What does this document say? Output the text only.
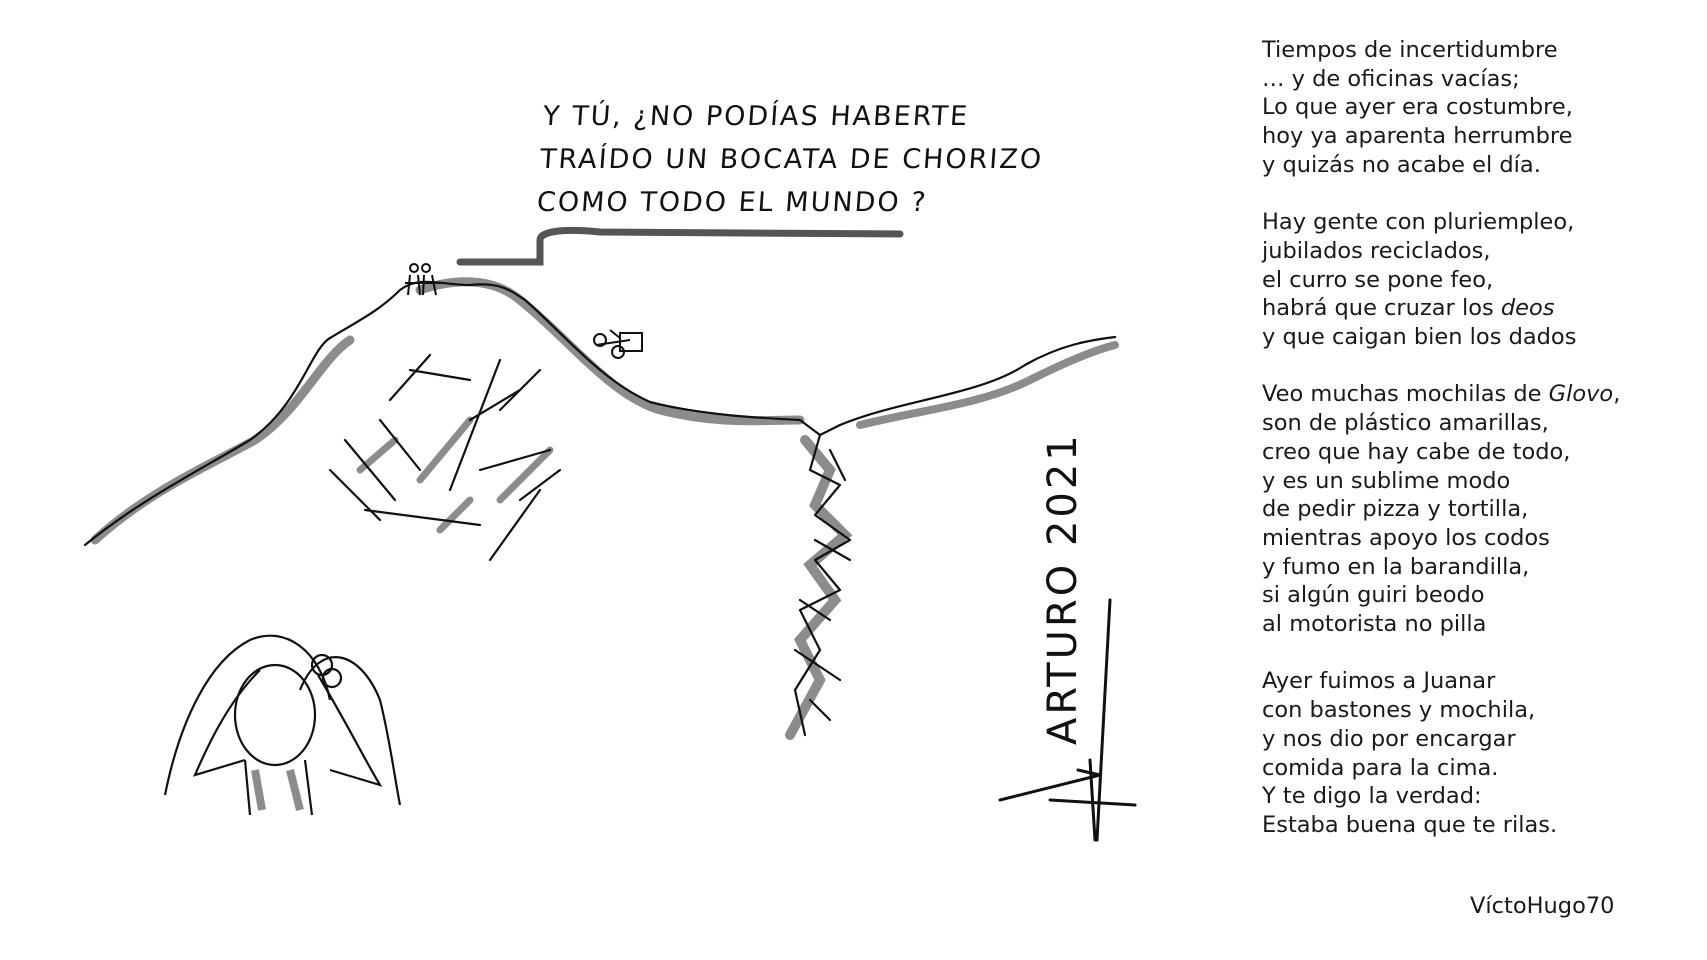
Y TÚ, ¿NO PODÍAS HABERTE
TRAÍDO UN BOCATA DE CHORIZO
COMO TODO EL MUNDO ?
ARTURO 2021
Tiempos de incertidumbre
… y de oficinas vacías;
Lo que ayer era costumbre,
hoy ya aparenta herrumbre
y quizás no acabe el día.
Hay gente con pluriempleo,
jubilados reciclados,
el curro se pone feo,
habrá que cruzar los deos
y que caigan bien los dados
Veo muchas mochilas de Glovo,
son de plástico amarillas,
creo que hay cabe de todo,
y es un sublime modo
de pedir pizza y tortilla,
mientras apoyo los codos
y fumo en la barandilla,
si algún guiri beodo
al motorista no pilla
Ayer fuimos a Juanar
con bastones y mochila,
y nos dio por encargar
comida para la cima.
Y te digo la verdad:
Estaba buena que te rilas.
VíctoHugo70
